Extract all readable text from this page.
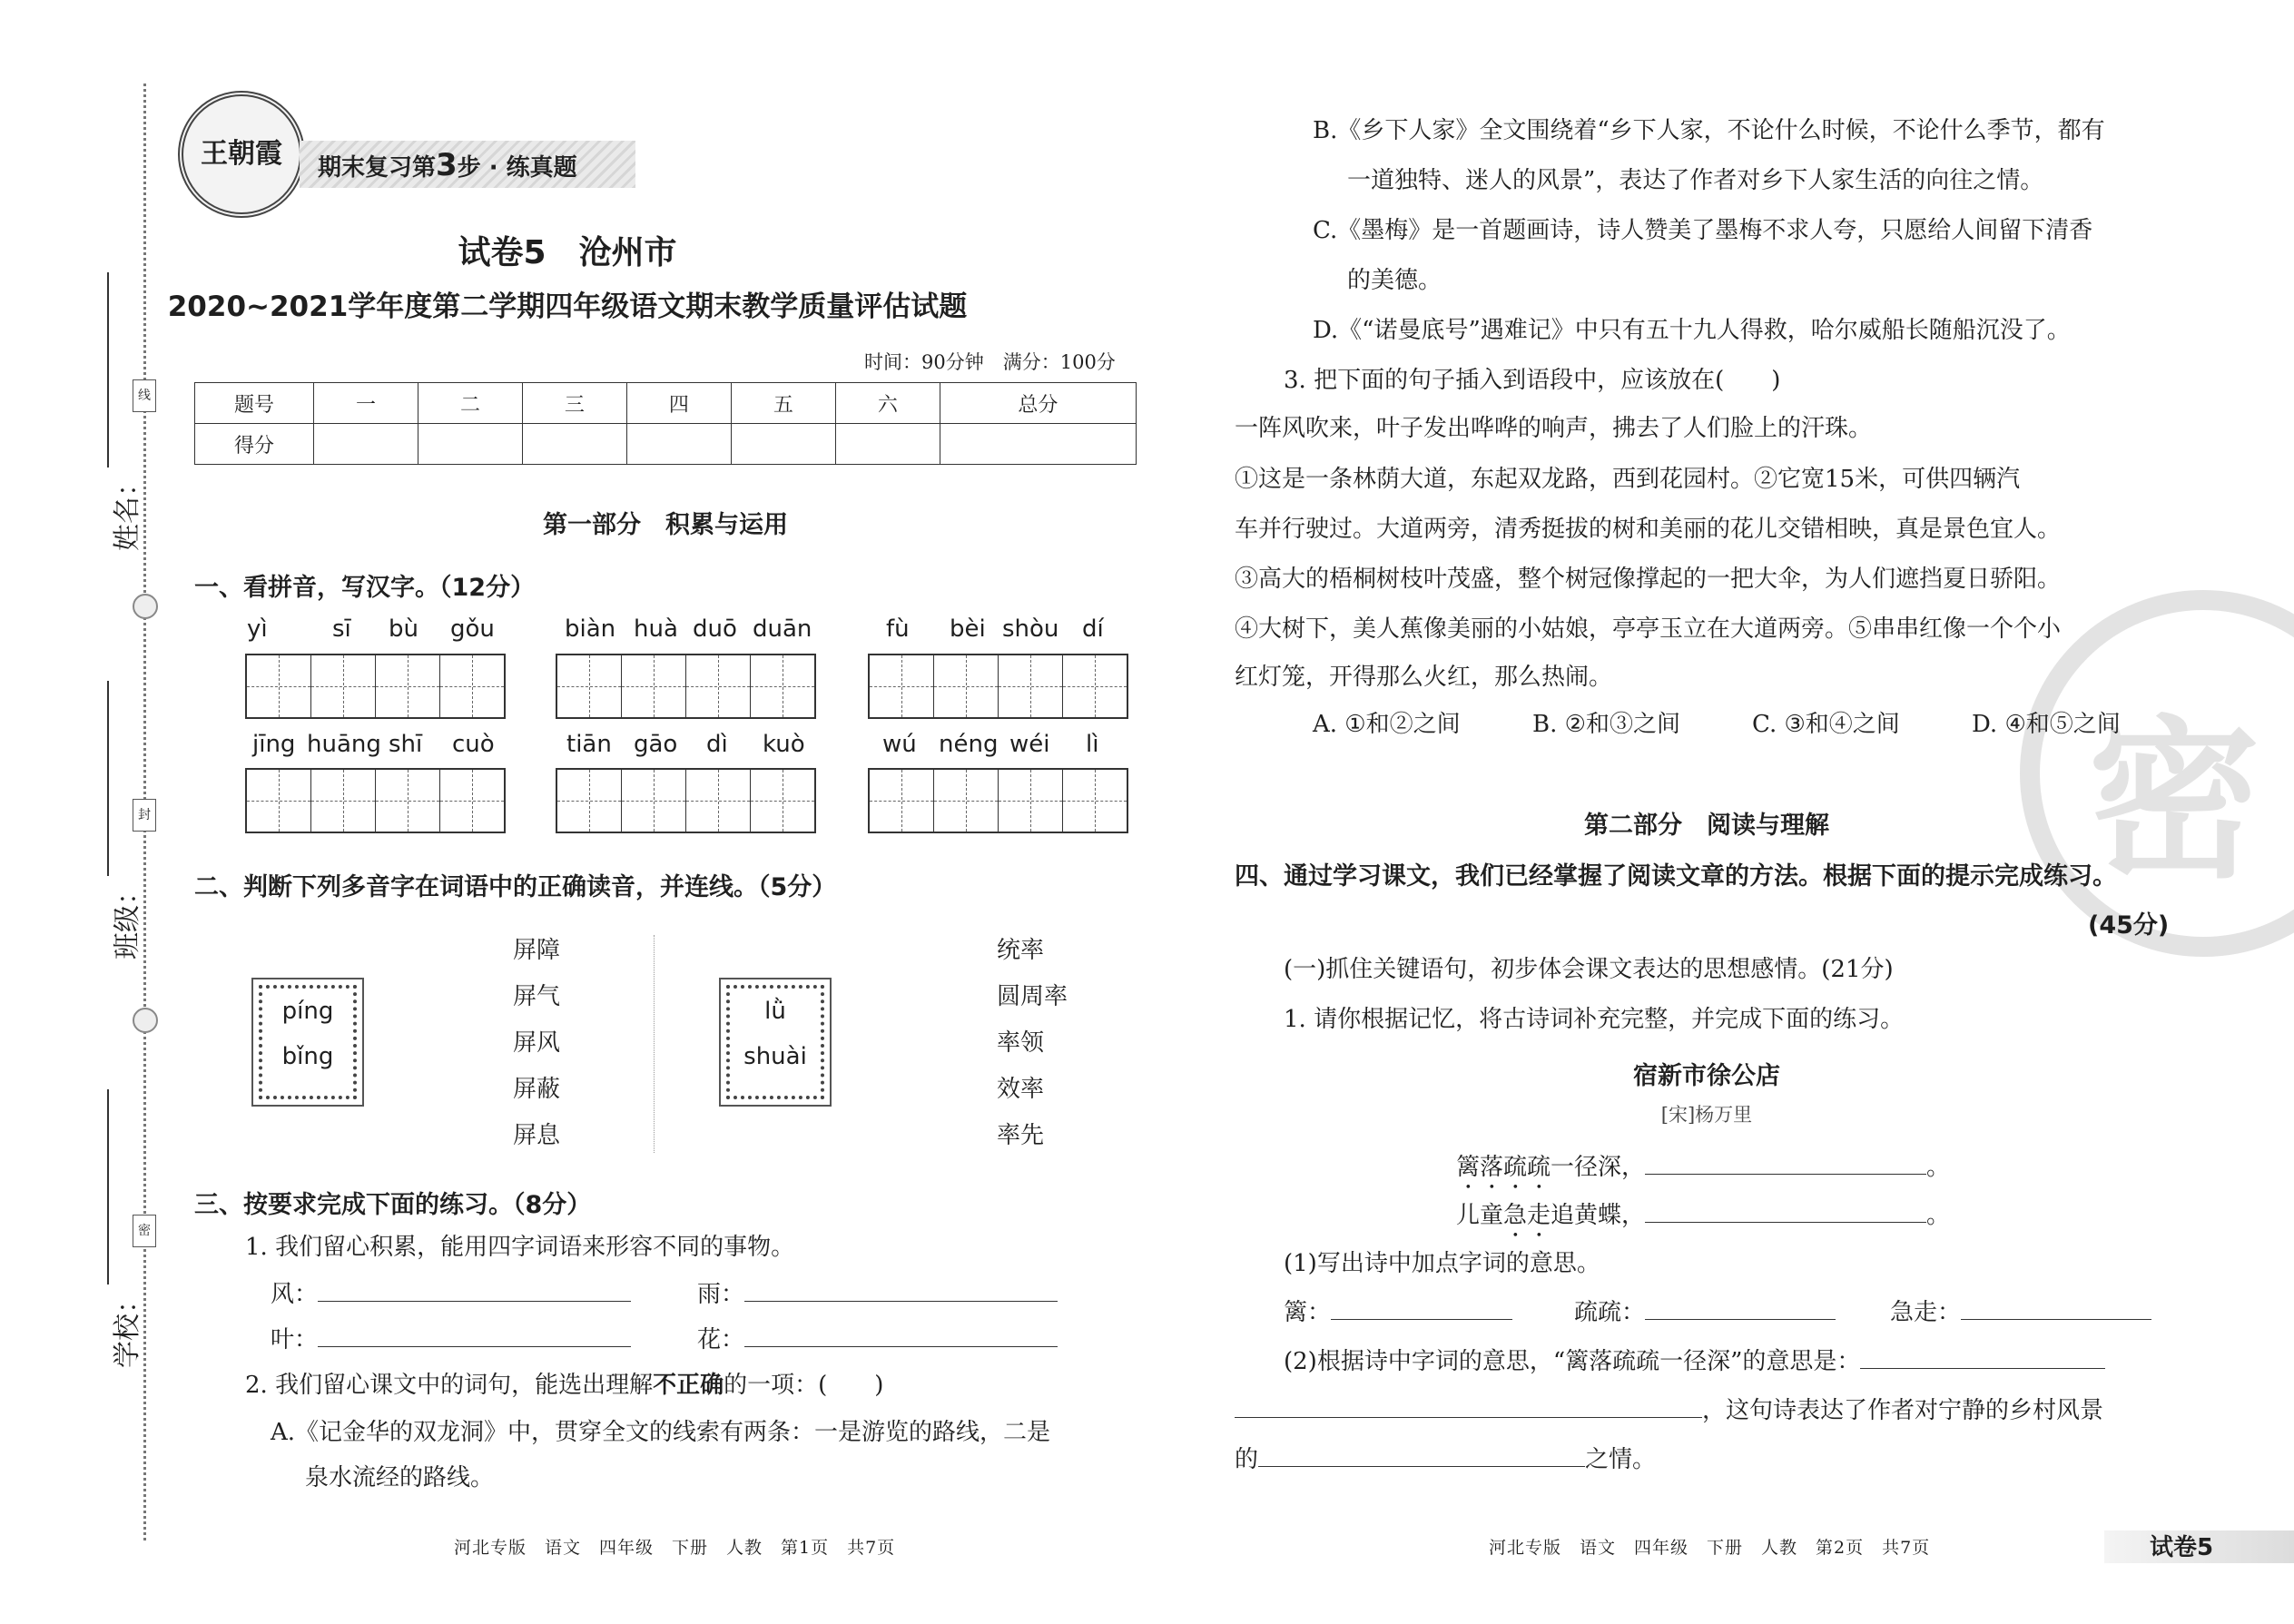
姓名：
班级：
学校：
线
封
密
王朝霞	期末复习第3步 · 练真题
试卷5　沧州市
2020~2021学年度第二学期四年级语文期末教学质量评估试题
时间：90分钟　满分：100分
题号	一	二	三	四	五	六	总分
得分							
第一部分　积累与运用
一、看拼音，写汉字。（12分）
yì	sī bù gǒu	biàn huà duō duān	fù bèi shòu dí
jīng huāng shī cuò	tiān gāo dì kuò	wú néng wéi lì
二、判断下列多音字在词语中的正确读音，并连线。（5分）
píng
bǐng
屏障
屏气
屏风
屏蔽
屏息
lǜ
shuài
统率
圆周率
率领
效率
率先
三、按要求完成下面的练习。（8分）
1. 我们留心积累，能用四字词语来形容不同的事物。
风：	雨：
叶：	花：
2. 我们留心课文中的词句，能选出理解不正确的一项：(　　)
A.《记金华的双龙洞》中，贯穿全文的线索有两条：一是游览的路线，二是
泉水流经的路线。
密
B.《乡下人家》全文围绕着“乡下人家，不论什么时候，不论什么季节，都有
一道独特、迷人的风景”，表达了作者对乡下人家生活的向往之情。
C.《墨梅》是一首题画诗，诗人赞美了墨梅不求人夸，只愿给人间留下清香
的美德。
D.《“诺曼底号”遇难记》中只有五十九人得救，哈尔威船长随船沉没了。
3. 把下面的句子插入到语段中，应该放在(　　)
一阵风吹来，叶子发出哗哗的响声，拂去了人们脸上的汗珠。
①这是一条林荫大道，东起双龙路，西到花园村。②它宽15米，可供四辆汽
车并行驶过。大道两旁，清秀挺拔的树和美丽的花儿交错相映，真是景色宜人。
③高大的梧桐树枝叶茂盛，整个树冠像撑起的一把大伞，为人们遮挡夏日骄阳。
④大树下，美人蕉像美丽的小姑娘，亭亭玉立在大道两旁。⑤串串红像一个个小
红灯笼，开得那么火红，那么热闹。
A. ①和②之间	B. ②和③之间	C. ③和④之间	D. ④和⑤之间
第二部分　阅读与理解
四、通过学习课文，我们已经掌握了阅读文章的方法。根据下面的提示完成练习。
(45分)
(一)抓住关键语句，初步体会课文表达的思想感情。(21分)
1. 请你根据记忆，将古诗词补充完整，并完成下面的练习。
宿新市徐公店
[宋]杨万里
篱落疏疏一径深，	。
儿童急走追黄蝶，	。
(1)写出诗中加点字词的意思。
篱：	疏疏：	急走：
(2)根据诗中字词的意思，“篱落疏疏一径深”的意思是：
，这句诗表达了作者对宁静的乡村风景
的	之情。
河北专版　语文　四年级　下册　人教　第1页　共7页	河北专版　语文　四年级　下册　人教　第2页　共7页	试卷5
